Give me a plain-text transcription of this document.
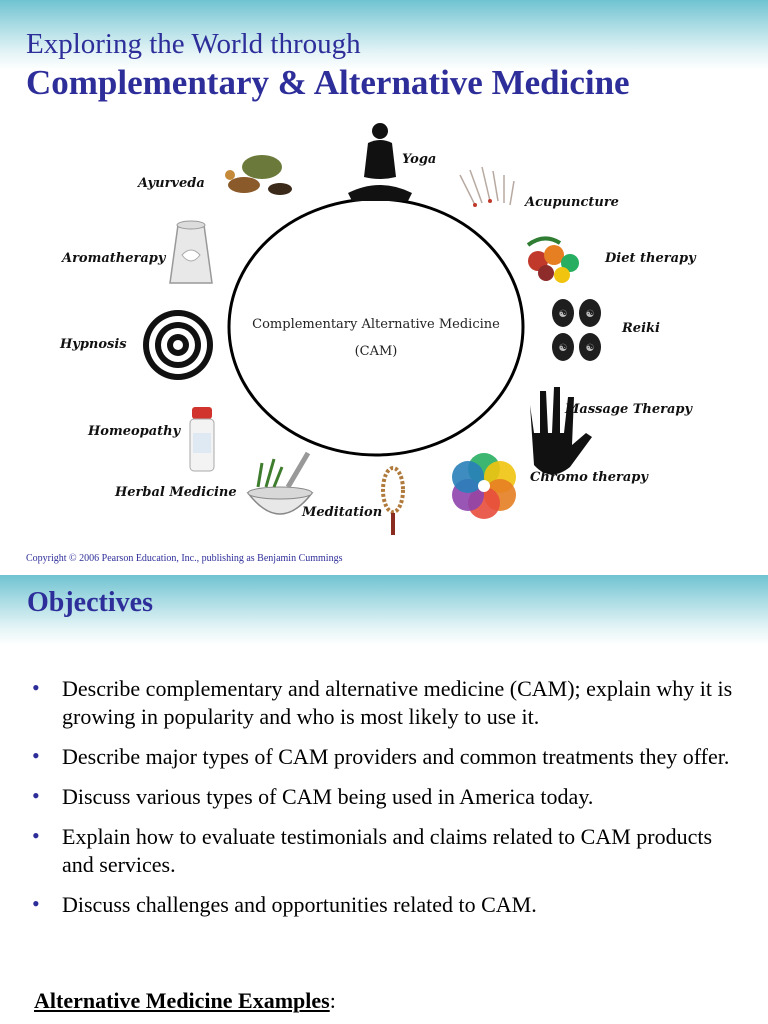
Exploring the World through
Complementary & Alternative Medicine
Complementary Alternative Medicine
(CAM)
Yoga
Ayurveda
Acupuncture
Aromatherapy	Diet therapy
Hypnosis
☯ ☯
☯ ☯
Reiki
Homeopathy
Massage Therapy
Herbal Medicine
Meditation
Chromo therapy
Copyright © 2006 Pearson Education, Inc., publishing as Benjamin Cummings
Objectives
• Describe complementary and alternative medicine (CAM); explain why it is growing in popularity and who is most likely to use it.
• Describe major types of CAM providers and common treatments they offer.
• Discuss various types of CAM being used in America today.
• Explain how to evaluate testimonials and claims related to CAM products and services.
• Discuss challenges and opportunities related to CAM.

Alternative Medicine Examples:
